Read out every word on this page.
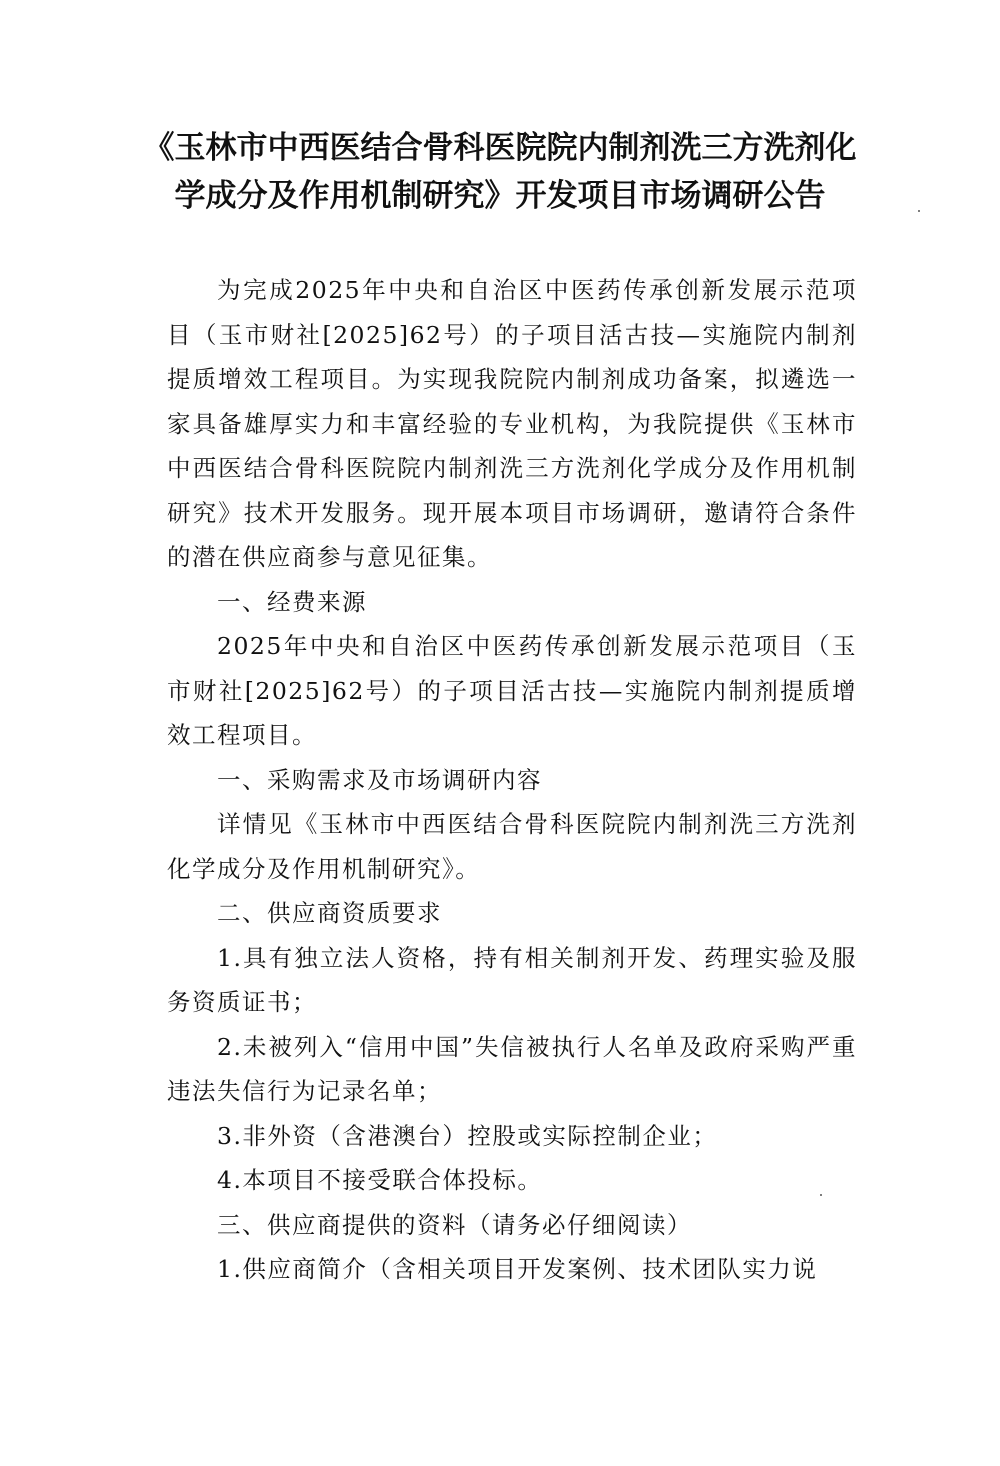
《玉林市中西医结合骨科医院院内制剂洗三方洗剂化
学成分及作用机制研究》开发项目市场调研公告

为完成2025年中央和自治区中医药传承创新发展示范项目（玉市财社[2025]62号）的子项目活古技—实施院内制剂提质增效工程项目。为实现我院院内制剂成功备案，拟遴选一家具备雄厚实力和丰富经验的专业机构，为我院提供《玉林市中西医结合骨科医院院内制剂洗三方洗剂化学成分及作用机制研究》技术开发服务。现开展本项目市场调研，邀请符合条件的潜在供应商参与意见征集。

一、经费来源

2025年中央和自治区中医药传承创新发展示范项目（玉市财社[2025]62号）的子项目活古技—实施院内制剂提质增效工程项目。

一、采购需求及市场调研内容

详情见《玉林市中西医结合骨科医院院内制剂洗三方洗剂化学成分及作用机制研究》。

二、供应商资质要求

1.具有独立法人资格，持有相关制剂开发、药理实验及服务资质证书；

2.未被列入“信用中国”失信被执行人名单及政府采购严重违法失信行为记录名单；

3.非外资（含港澳台）控股或实际控制企业；

4.本项目不接受联合体投标。

三、供应商提供的资料（请务必仔细阅读）

1.供应商简介（含相关项目开发案例、技术团队实力说
